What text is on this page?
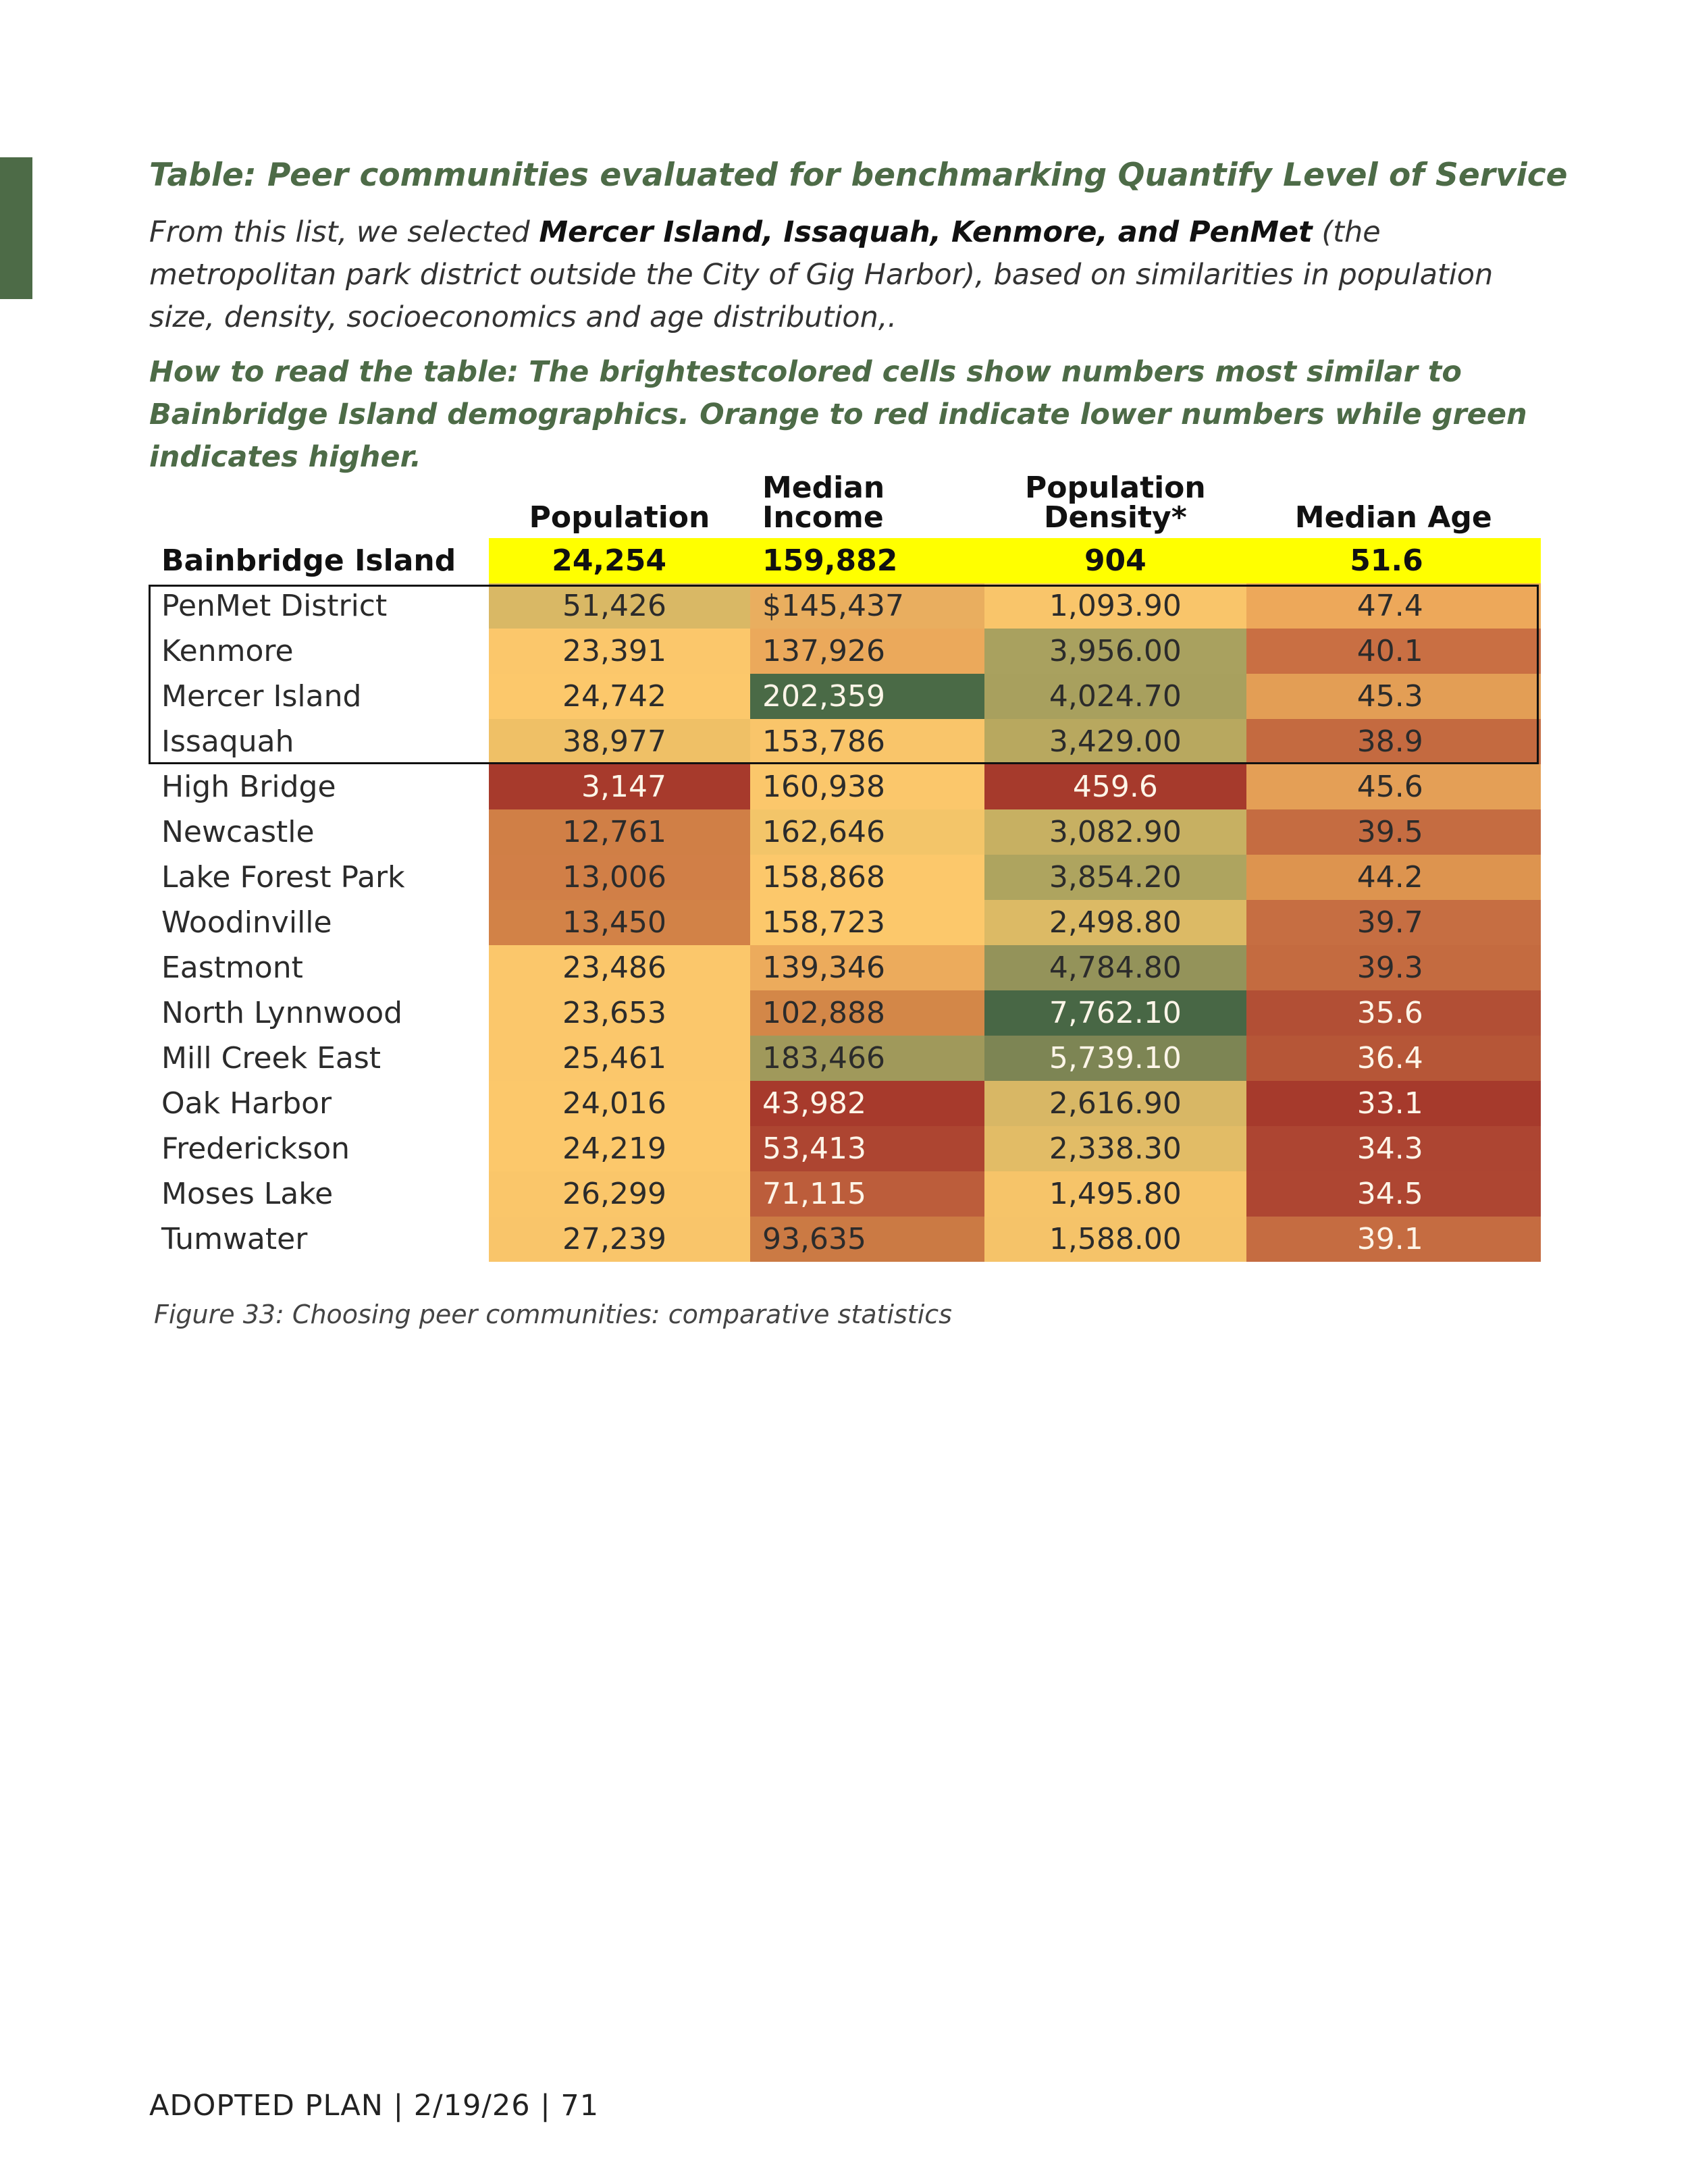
Table: Peer communities evaluated for benchmarking Quantify Level of Service
From this list, we selected Mercer Island, Issaquah, Kenmore, and PenMet (the metropolitan park district outside the City of Gig Harbor), based on similarities in population size, density, socioeconomics and age distribution,.
How to read the table: The brightestcolored cells show numbers most similar to Bainbridge Island demographics. Orange to red indicate lower numbers while green indicates higher.
	Population	Median Income	Population Density*	Median Age
Bainbridge Island	24,254	159,882	904	51.6
PenMet District	51,426	$145,437	1,093.90	47.4
Kenmore	23,391	137,926	3,956.00	40.1
Mercer Island	24,742	202,359	4,024.70	45.3
Issaquah	38,977	153,786	3,429.00	38.9
High Bridge	3,147	160,938	459.6	45.6
Newcastle	12,761	162,646	3,082.90	39.5
Lake Forest Park	13,006	158,868	3,854.20	44.2
Woodinville	13,450	158,723	2,498.80	39.7
Eastmont	23,486	139,346	4,784.80	39.3
North Lynnwood	23,653	102,888	7,762.10	35.6
Mill Creek East	25,461	183,466	5,739.10	36.4
Oak Harbor	24,016	43,982	2,616.90	33.1
Frederickson	24,219	53,413	2,338.30	34.3
Moses Lake	26,299	71,115	1,495.80	34.5
Tumwater	27,239	93,635	1,588.00	39.1
Figure 33: Choosing peer communities: comparative statistics
ADOPTED PLAN | 2/19/26 | 71
